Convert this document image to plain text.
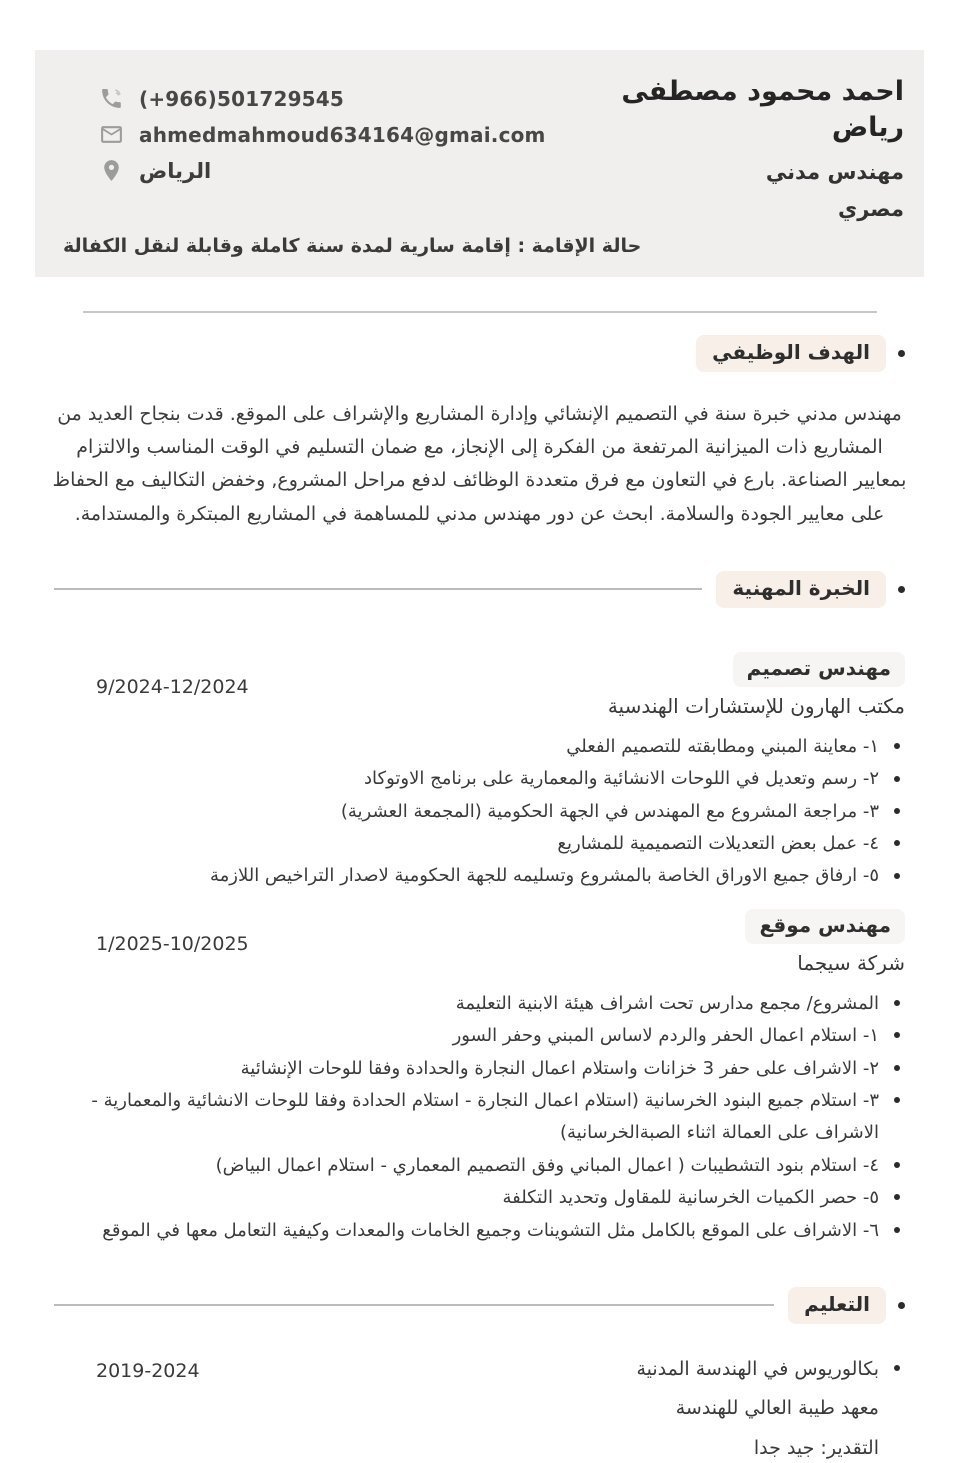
(+966)501729545
ahmedmahmoud634164@gmai.com
الرياض
احمد محمود مصطفى رياض
مهندس مدني
مصري
حالة الإقامة : إقامة سارية لمدة سنة كاملة وقابلة لنقل الكفالة
الهدف الوظيفي

مهندس مدني خبرة سنة في التصميم الإنشائي وإدارة المشاريع والإشراف على الموقع. قدت بنجاح العديد من المشاريع ذات الميزانية المرتفعة من الفكرة إلى الإنجاز، مع ضمان التسليم في الوقت المناسب والالتزام بمعايير الصناعة. بارع في التعاون مع فرق متعددة الوظائف لدفع مراحل المشروع, وخفض التكاليف مع الحفاظ على معايير الجودة والسلامة. ابحث عن دور مهندس مدني للمساهمة في المشاريع المبتكرة والمستدامة.

الخبرة المهنية
9/2024-12/2024
مهندس تصميم
مكتب الهارون للإستشارات الهندسية
١- معاينة المبني ومطابقته للتصميم الفعلي
٢- رسم وتعديل في اللوحات الانشائية والمعمارية على برنامج الاوتوكاد
٣- مراجعة المشروع مع المهندس في الجهة الحكومية (المجمعة العشرية)
٤- عمل بعض التعديلات التصميمية للمشاريع
٥- ارفاق جميع الاوراق الخاصة بالمشروع وتسليمه للجهة الحكومية لاصدار التراخيص اللازمة
1/2025-10/2025
مهندس موقع
شركة سيجما
المشروع/ مجمع مدارس تحت اشراف هيئة الابنية التعليمة
١- استلام اعمال الحفر والردم لاساس المبني وحفر السور
٢- الاشراف على حفر 3 خزانات واستلام اعمال النجارة والحدادة وفقا للوحات الإنشائية
٣- استلام جميع البنود الخرسانية (استلام اعمال النجارة - استلام الحدادة وفقا للوحات الانشائية والمعمارية - الاشراف على العمالة اثناء الصبةالخرسانية)
٤- استلام بنود التشطيبات ( اعمال المباني وفق التصميم المعماري - استلام اعمال البياض)
٥- حصر الكميات الخرسانية للمقاول وتحديد التكلفة
٦- الاشراف على الموقع بالكامل مثل التشوينات وجميع الخامات والمعدات وكيفية التعامل معها في الموقع
التعليم
2019-2024	بكالوريوس في الهندسة المدنية
معهد طيبة العالي للهندسة
التقدير: جيد جدا
